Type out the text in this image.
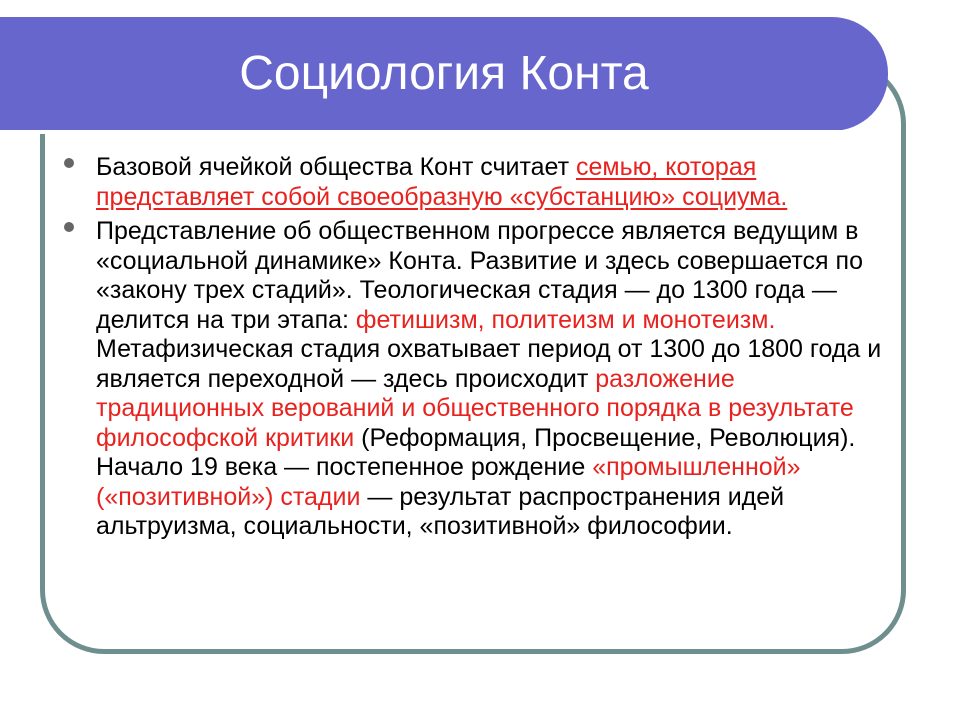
Социология Конта
Базовой ячейкой общества Конт считает семью, которая представляет собой своеобразную «субстанцию» социума.
Представление об общественном прогрессе является ведущим в «социальной динамике» Конта. Развитие и здесь совершается по «закону трех стадий». Теологическая стадия — до 1300 года — делится на три этапа: фетишизм, политеизм и монотеизм. Метафизическая стадия охватывает период от 1300 до 1800 года и является переходной — здесь происходит разложение традиционных верований и общественного порядка в результате философской критики (Реформация, Просвещение, Революция). Начало 19 века — постепенное рождение «промышленной» («позитивной») стадии — результат распространения идей альтруизма, социальности, «позитивной» философии.
